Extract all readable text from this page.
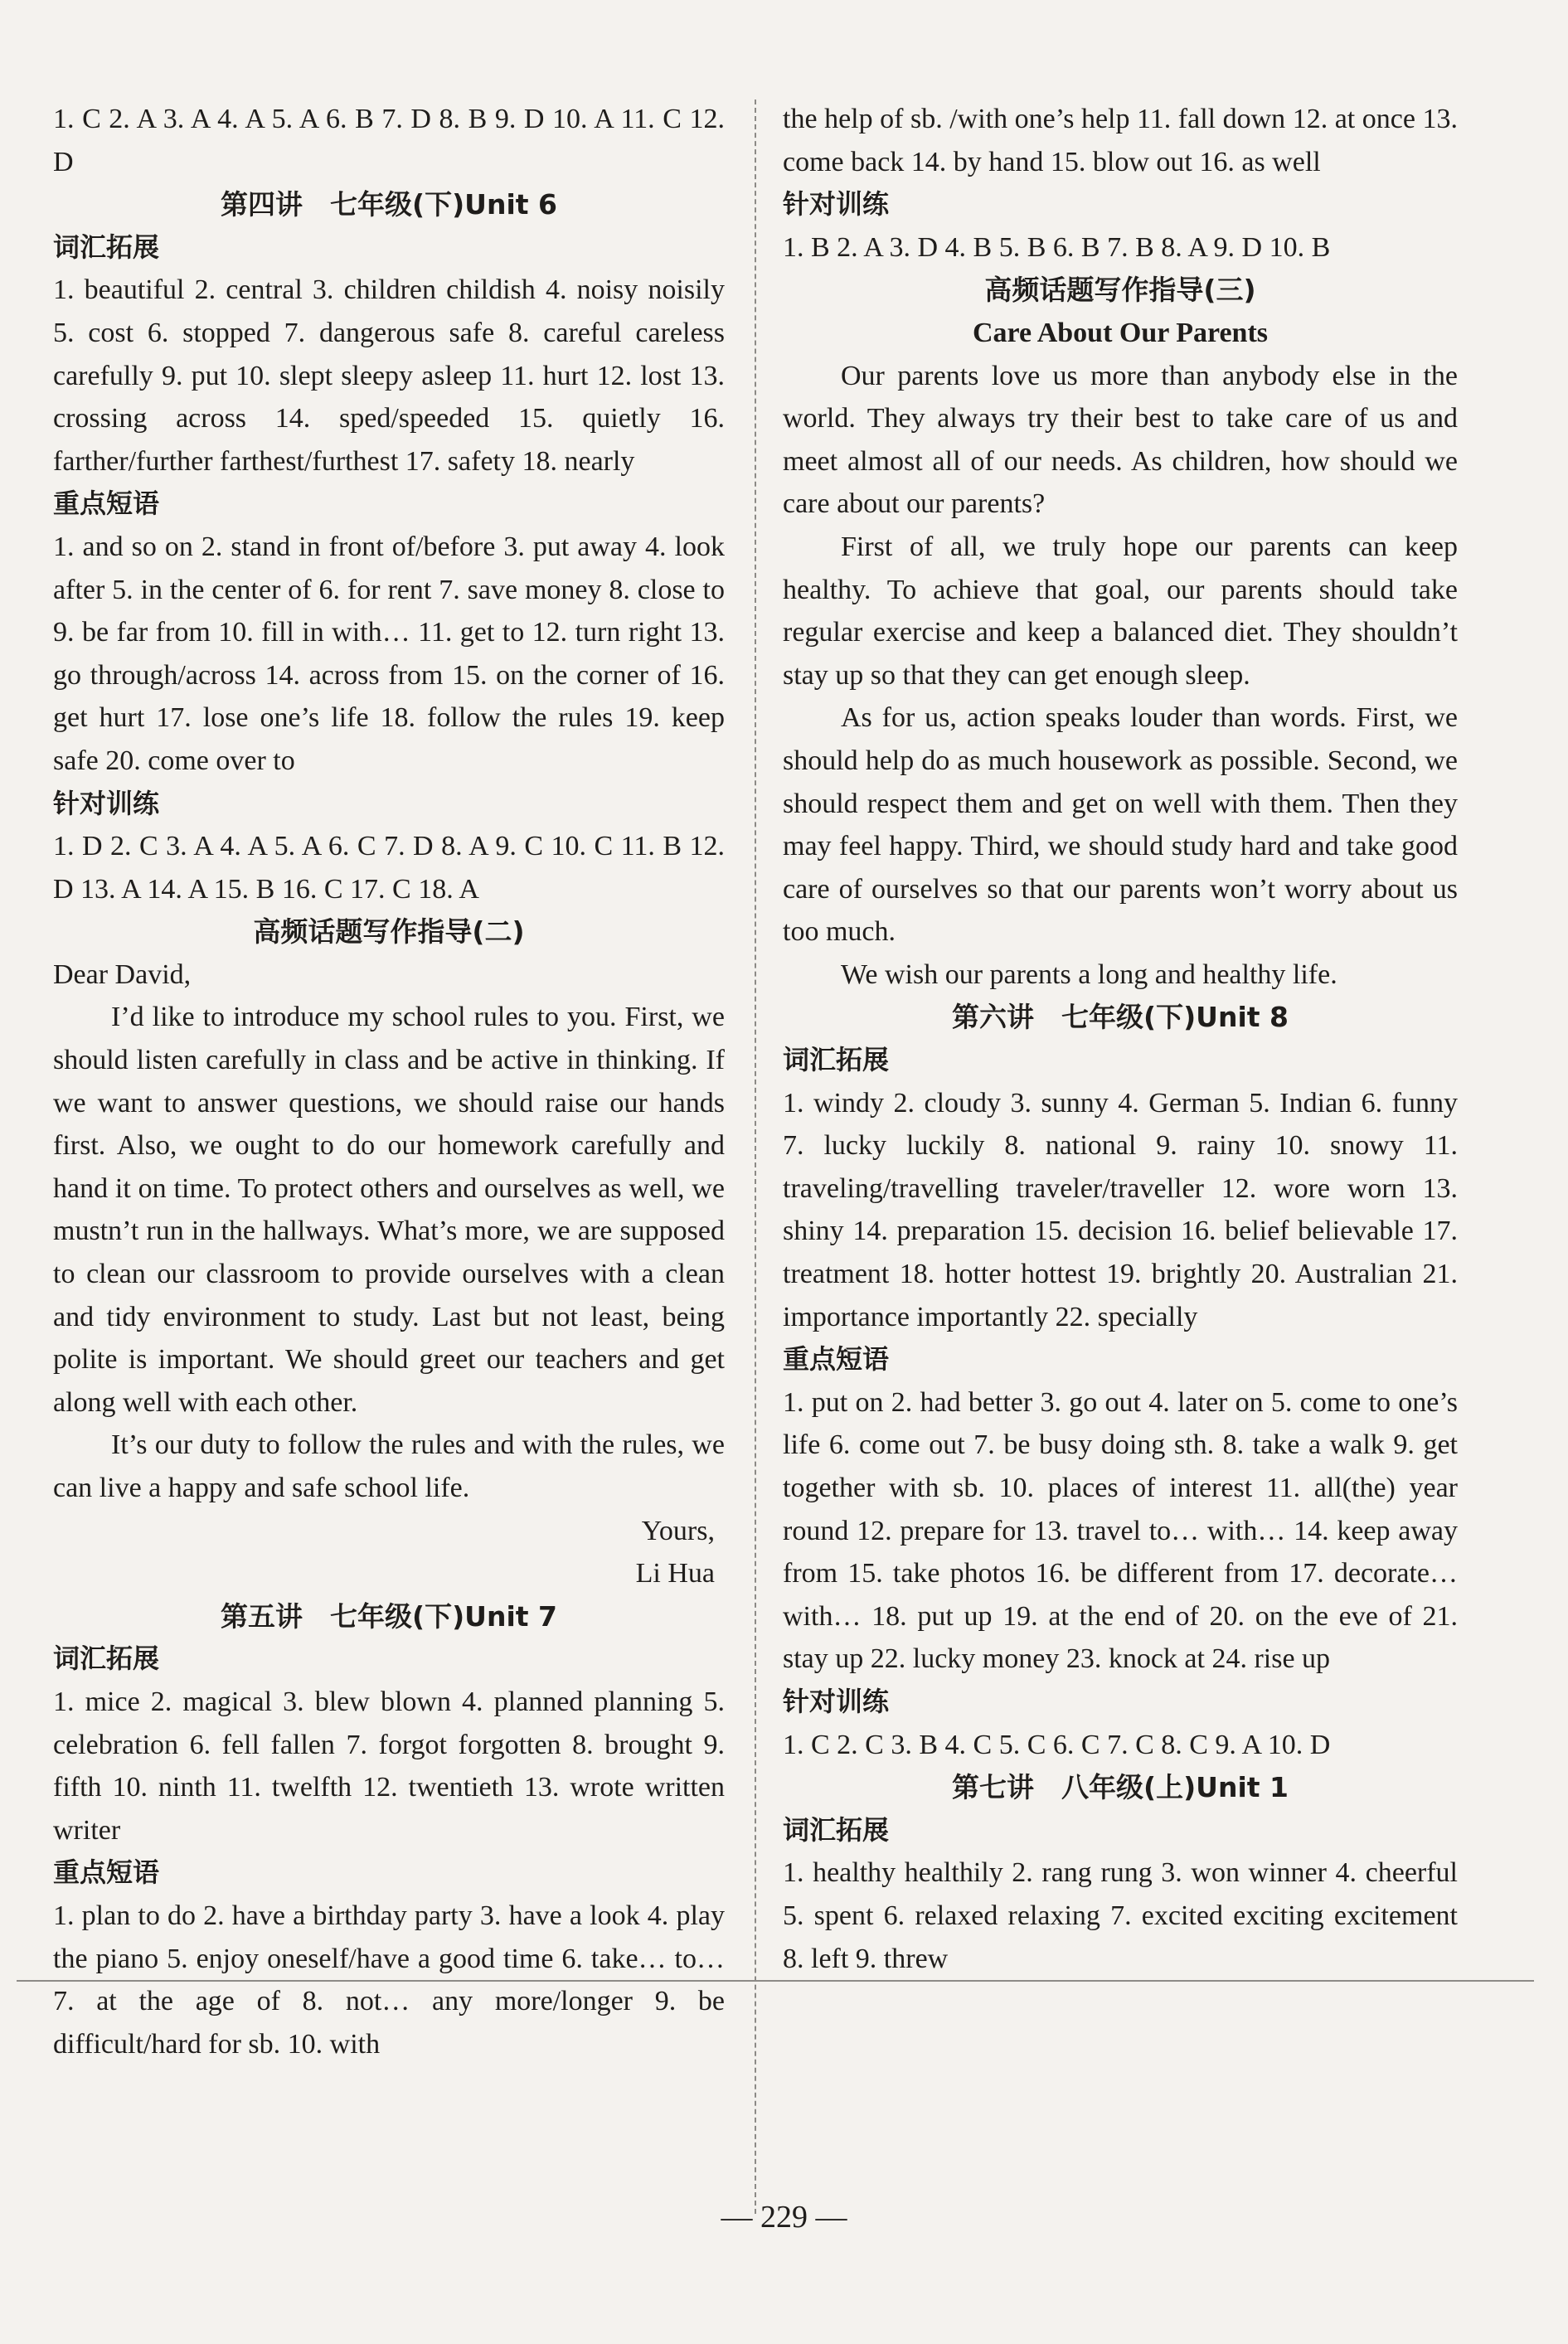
1. C 2. A 3. A 4. A 5. A 6. B 7. D 8. B 9. D 10. A 11. C 12. D

第四讲　七年级(下)Unit 6

词汇拓展

1. beautiful 2. central 3. children childish 4. noisy noisily 5. cost 6. stopped 7. dangerous safe 8. careful careless carefully 9. put 10. slept sleepy asleep 11. hurt 12. lost 13. crossing across 14. sped/speeded 15. quietly 16. farther/further farthest/furthest 17. safety 18. nearly

重点短语

1. and so on 2. stand in front of/before 3. put away 4. look after 5. in the center of 6. for rent 7. save money 8. close to 9. be far from 10. fill in with… 11. get to 12. turn right 13. go through/across 14. across from 15. on the corner of 16. get hurt 17. lose one’s life 18. follow the rules 19. keep safe 20. come over to

针对训练

1. D 2. C 3. A 4. A 5. A 6. C 7. D 8. A 9. C 10. C 11. B 12. D 13. A 14. A 15. B 16. C 17. C 18. A

高频话题写作指导(二)

Dear David,

I’d like to introduce my school rules to you. First, we should listen carefully in class and be active in thinking. If we want to answer questions, we should raise our hands first. Also, we ought to do our homework carefully and hand it on time. To protect others and ourselves as well, we mustn’t run in the hallways. What’s more, we are supposed to clean our classroom to provide ourselves with a clean and tidy environment to study. Last but not least, being polite is important. We should greet our teachers and get along well with each other.

It’s our duty to follow the rules and with the rules, we can live a happy and safe school life.

Yours,

Li Hua

第五讲　七年级(下)Unit 7

词汇拓展

1. mice 2. magical 3. blew blown 4. planned planning 5. celebration 6. fell fallen 7. forgot forgotten 8. brought 9. fifth 10. ninth 11. twelfth 12. twentieth 13. wrote written writer

重点短语

1. plan to do 2. have a birthday party 3. have a look 4. play the piano 5. enjoy oneself/have a good time 6. take… to… 7. at the age of 8. not… any more/longer 9. be difficult/hard for sb. 10. with

the help of sb. /with one’s help 11. fall down 12. at once 13. come back 14. by hand 15. blow out 16. as well

针对训练

1. B 2. A 3. D 4. B 5. B 6. B 7. B 8. A 9. D 10. B

高频话题写作指导(三)

Care About Our Parents

Our parents love us more than anybody else in the world. They always try their best to take care of us and meet almost all of our needs. As children, how should we care about our parents?

First of all, we truly hope our parents can keep healthy. To achieve that goal, our parents should take regular exercise and keep a balanced diet. They shouldn’t stay up so that they can get enough sleep.

As for us, action speaks louder than words. First, we should help do as much housework as possible. Second, we should respect them and get on well with them. Then they may feel happy. Third, we should study hard and take good care of ourselves so that our parents won’t worry about us too much.

We wish our parents a long and healthy life.

第六讲　七年级(下)Unit 8

词汇拓展

1. windy 2. cloudy 3. sunny 4. German 5. Indian 6. funny 7. lucky luckily 8. national 9. rainy 10. snowy 11. traveling/travelling traveler/traveller 12. wore worn 13. shiny 14. preparation 15. decision 16. belief believable 17. treatment 18. hotter hottest 19. brightly 20. Australian 21. importance importantly 22. specially

重点短语

1. put on 2. had better 3. go out 4. later on 5. come to one’s life 6. come out 7. be busy doing sth. 8. take a walk 9. get together with sb. 10. places of interest 11. all(the) year round 12. prepare for 13. travel to… with… 14. keep away from 15. take photos 16. be different from 17. decorate… with… 18. put up 19. at the end of 20. on the eve of 21. stay up 22. lucky money 23. knock at 24. rise up

针对训练

1. C 2. C 3. B 4. C 5. C 6. C 7. C 8. C 9. A 10. D

第七讲　八年级(上)Unit 1

词汇拓展

1. healthy healthily 2. rang rung 3. won winner 4. cheerful 5. spent 6. relaxed relaxing 7. excited exciting excitement 8. left 9. threw

— 229 —
